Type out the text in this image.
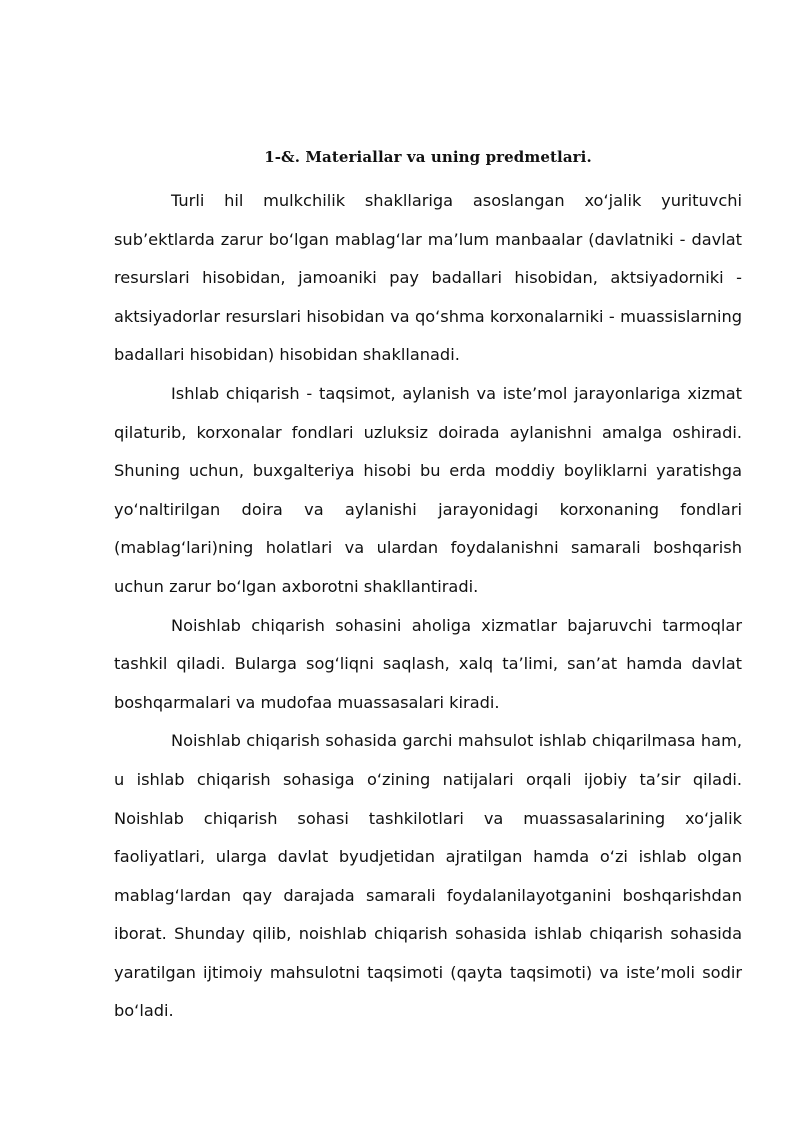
1-&. Materiallar va uning predmetlari.

Turli hil mulkchilik shakllariga asoslangan xo‘jalik yurituvchi sub’ektlarda zarur bo‘lgan mablag‘lar ma’lum manbaalar (davlatniki - davlat resurslari hisobidan, jamoaniki pay badallari hisobidan, aktsiyadorniki - aktsiyadorlar resurslari hisobidan va qo‘shma korxonalarniki - muassislarning badallari hisobidan) hisobidan shakllanadi.

Ishlab chiqarish - taqsimot, aylanish va iste’mol jarayonlariga xizmat qilaturib, korxonalar fondlari uzluksiz doirada aylanishni amalga oshiradi. Shuning uchun, buxgalteriya hisobi bu erda moddiy boyliklarni yaratishga yo‘naltirilgan doira va aylanishi jarayonidagi korxonaning fondlari (mablag‘lari)ning holatlari va ulardan foydalanishni samarali boshqarish uchun zarur bo‘lgan axborotni shakllantiradi.

Noishlab chiqarish sohasini aholiga xizmatlar bajaruvchi tarmoqlar tashkil qiladi. Bularga sog‘liqni saqlash, xalq ta’limi, san’at hamda davlat boshqarmalari va mudofaa muassasalari kiradi.

Noishlab chiqarish sohasida garchi mahsulot ishlab chiqarilmasa ham, u ishlab chiqarish sohasiga o‘zining natijalari orqali ijobiy ta’sir qiladi. Noishlab chiqarish sohasi tashkilotlari va muassasalarining xo‘jalik faoliyatlari, ularga davlat byudjetidan ajratilgan hamda o‘zi ishlab olgan mablag‘lardan qay darajada samarali foydalanilayotganini boshqarishdan iborat. Shunday qilib, noishlab chiqarish sohasida ishlab chiqarish sohasida yaratilgan ijtimoiy mahsulotni taqsimoti (qayta taqsimoti) va iste’moli sodir bo‘ladi.
